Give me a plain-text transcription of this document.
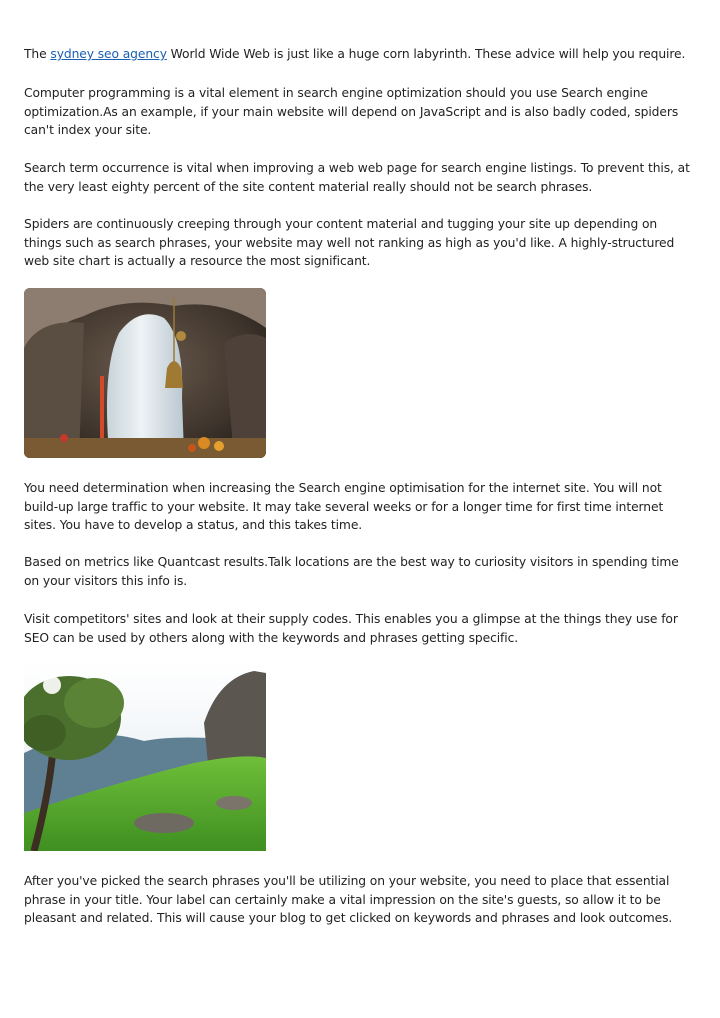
The sydney seo agency World Wide Web is just like a huge corn labyrinth. These advice will help you require.

Computer programming is a vital element in search engine optimization should you use Search engine optimization.As an example, if your main website will depend on JavaScript and is also badly coded, spiders can't index your site.

Search term occurrence is vital when improving a web web page for search engine listings. To prevent this, at the very least eighty percent of the site content material really should not be search phrases.

Spiders are continuously creeping through your content material and tugging your site up depending on things such as search phrases, your website may well not ranking as high as you'd like. A highly-structured web site chart is actually a resource the most significant.

You need determination when increasing the Search engine optimisation for the internet site. You will not build-up large traffic to your website. It may take several weeks or for a longer time for first time internet sites. You have to develop a status, and this takes time.

Based on metrics like Quantcast results.Talk locations are the best way to curiosity visitors in spending time on your visitors this info is.

Visit competitors' sites and look at their supply codes. This enables you a glimpse at the things they use for SEO can be used by others along with the keywords and phrases getting specific.

After you've picked the search phrases you'll be utilizing on your website, you need to place that essential phrase in your title. Your label can certainly make a vital impression on the site's guests, so allow it to be pleasant and related. This will cause your blog to get clicked on keywords and phrases and look outcomes.
